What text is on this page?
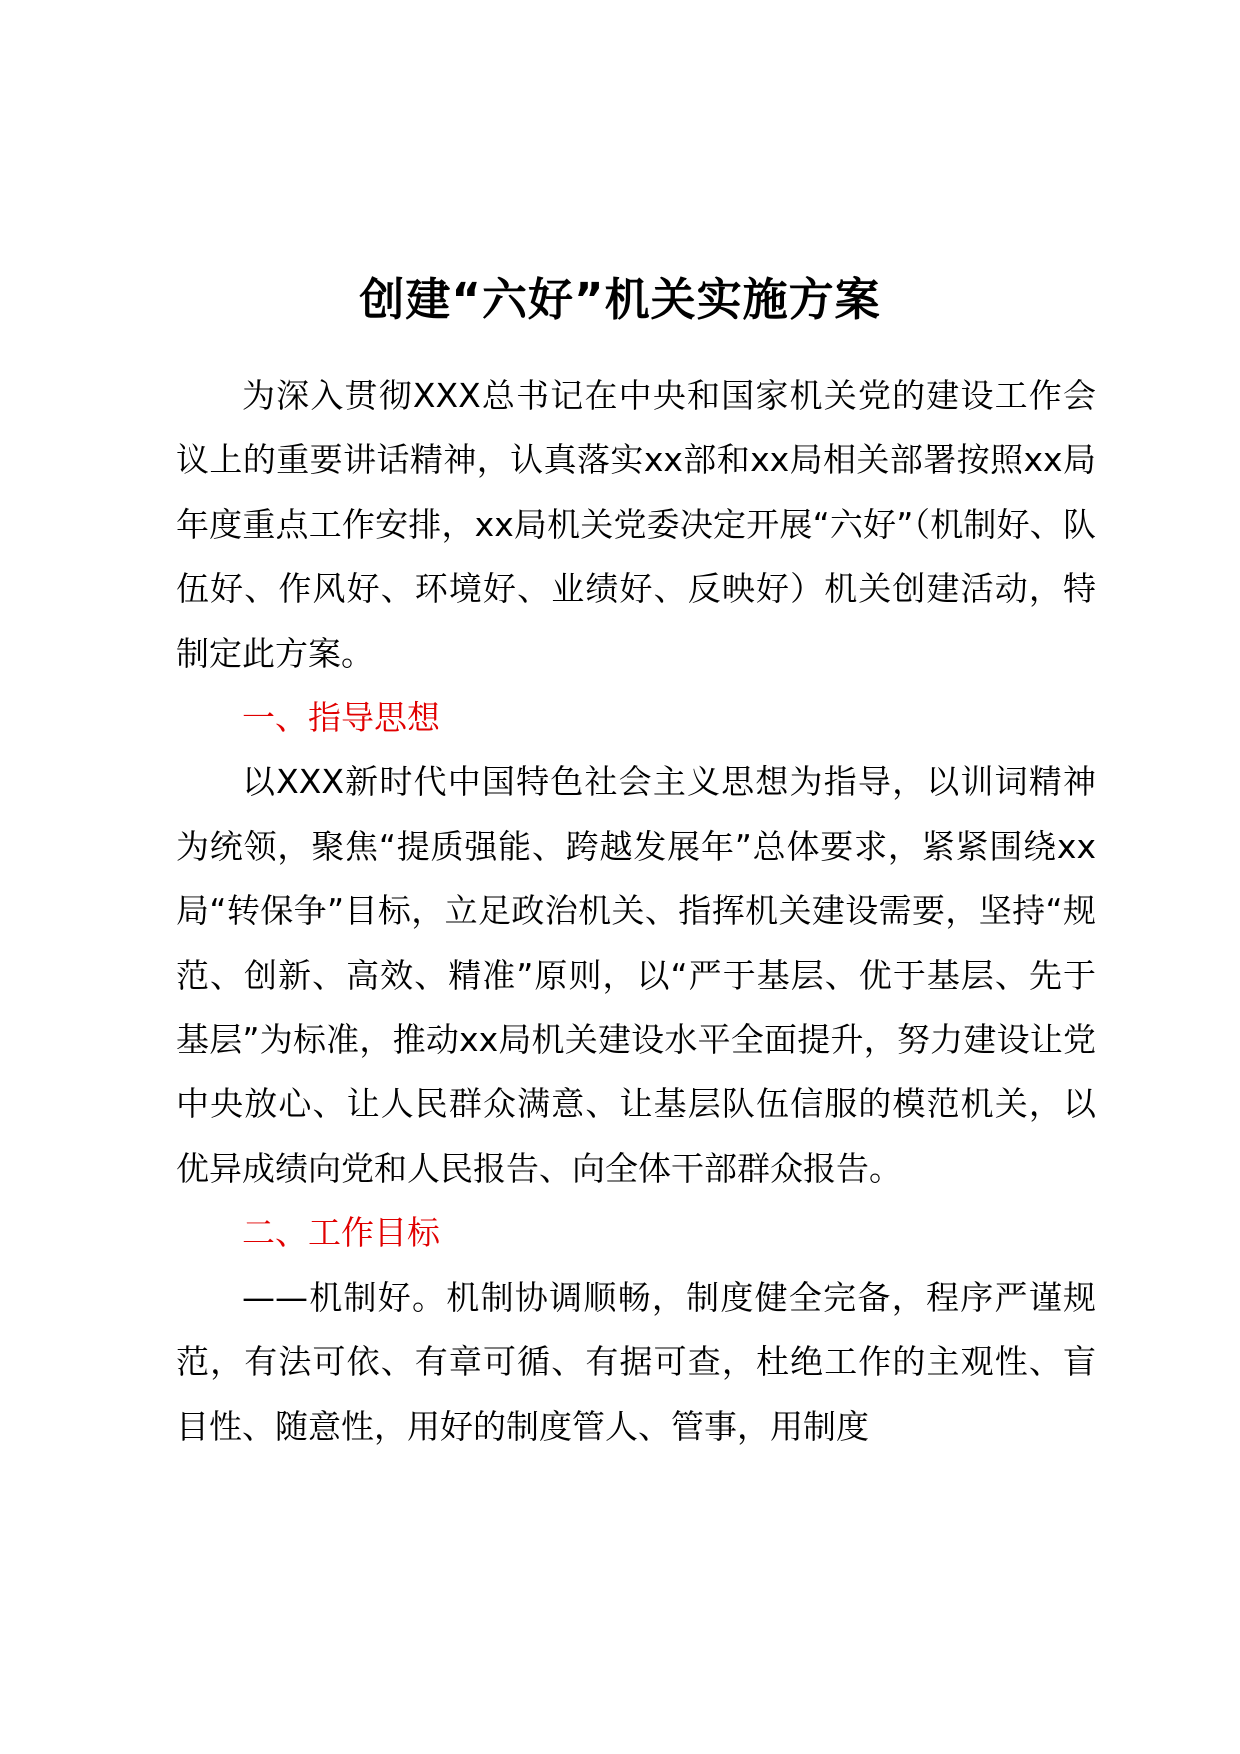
创建“六好”机关实施方案

为深入贯彻XXX总书记在中央和国家机关党的建设工作会议上的重要讲话精神，认真落实xx部和xx局相关部署按照xx局年度重点工作安排，xx局机关党委决定开展“六好”（机制好、队伍好、作风好、环境好、业绩好、反映好）机关创建活动，特制定此方案。

一、指导思想

以XXX新时代中国特色社会主义思想为指导，以训词精神为统领，聚焦“提质强能、跨越发展年”总体要求，紧紧围绕xx局“转保争”目标，立足政治机关、指挥机关建设需要，坚持“规范、创新、高效、精准”原则，以“严于基层、优于基层、先于基层”为标准，推动xx局机关建设水平全面提升，努力建设让党中央放心、让人民群众满意、让基层队伍信服的模范机关，以优异成绩向党和人民报告、向全体干部群众报告。

二、工作目标

——机制好。机制协调顺畅，制度健全完备，程序严谨规范，有法可依、有章可循、有据可查，杜绝工作的主观性、盲目性、随意性，用好的制度管人、管事，用制度
